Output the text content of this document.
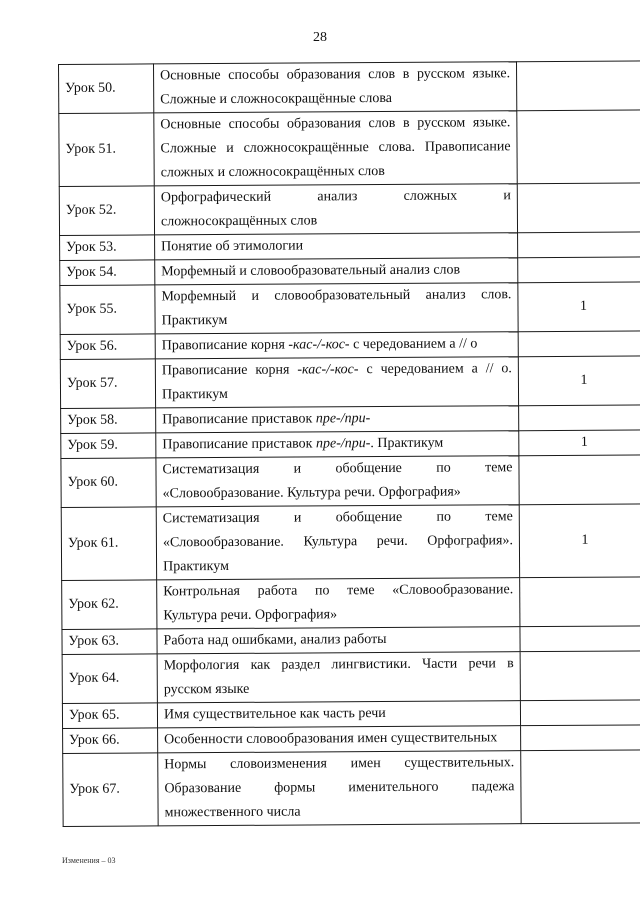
28
Урок 50.	Основные способы образования слов в русском языке. Сложные и сложносокращённые слова	
Урок 51.	Основные способы образования слов в русском языке. Сложные и сложносокращённые слова. Правописание сложных и сложносокращённых слов	
Урок 52.	Орфографический анализ сложных и сложносокращённых слов	
Урок 53.	Понятие об этимологии	
Урок 54.	Морфемный и словообразовательный анализ слов	
Урок 55.	Морфемный и словообразовательный анализ слов. Практикум	1
Урок 56.	Правописание корня -кас-/-кос- с чередованием а // о	
Урок 57.	Правописание корня -кас-/-кос- с чередованием а // о. Практикум	1
Урок 58.	Правописание приставок пре-/при-	
Урок 59.	Правописание приставок пре-/при-. Практикум	1
Урок 60.	Систематизация и обобщение по теме «Словообразование. Культура речи. Орфография»	
Урок 61.	Систематизация и обобщение по теме «Словообразование. Культура речи. Орфография». Практикум	1
Урок 62.	Контрольная работа по теме «Словообразование. Культура речи. Орфография»	
Урок 63.	Работа над ошибками, анализ работы	
Урок 64.	Морфология как раздел лингвистики. Части речи в русском языке	
Урок 65.	Имя существительное как часть речи	
Урок 66.	Особенности словообразования имен существительных	
Урок 67.	Нормы словоизменения имен существительных. Образование формы именительного падежа множественного числа	
Изменения – 03
